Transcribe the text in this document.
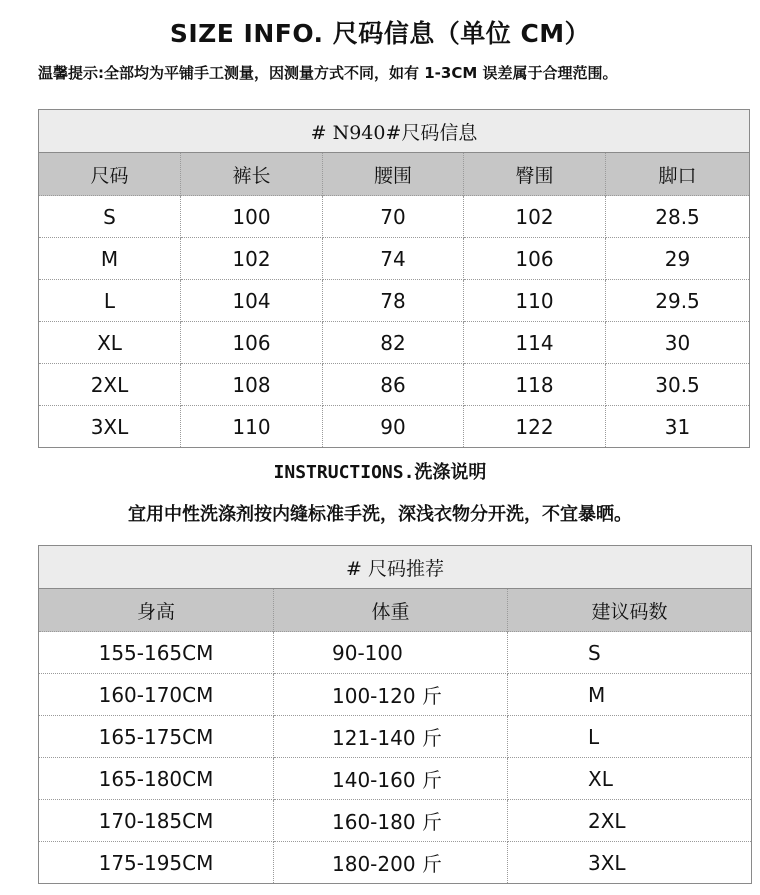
SIZE INFO. 尺码信息（单位 CM）
温馨提示:全部均为平铺手工测量，因测量方式不同，如有 1-3CM 误差属于合理范围。
# N940#尺码信息				
尺码	裤长	腰围	臀围	脚口
S	100	70	102	28.5
M	102	74	106	29
L	104	78	110	29.5
XL	106	82	114	30
2XL	108	86	118	30.5
3XL	110	90	122	31
INSTRUCTIONS.洗涤说明
宜用中性洗涤剂按内缝标准手洗，深浅衣物分开洗，不宜暴晒。
# 尺码推荐		
身高	体重	建议码数
155-165CM	90-100	S
160-170CM	100-120 斤	M
165-175CM	121-140 斤	L
165-180CM	140-160 斤	XL
170-185CM	160-180 斤	2XL
175-195CM	180-200 斤	3XL
